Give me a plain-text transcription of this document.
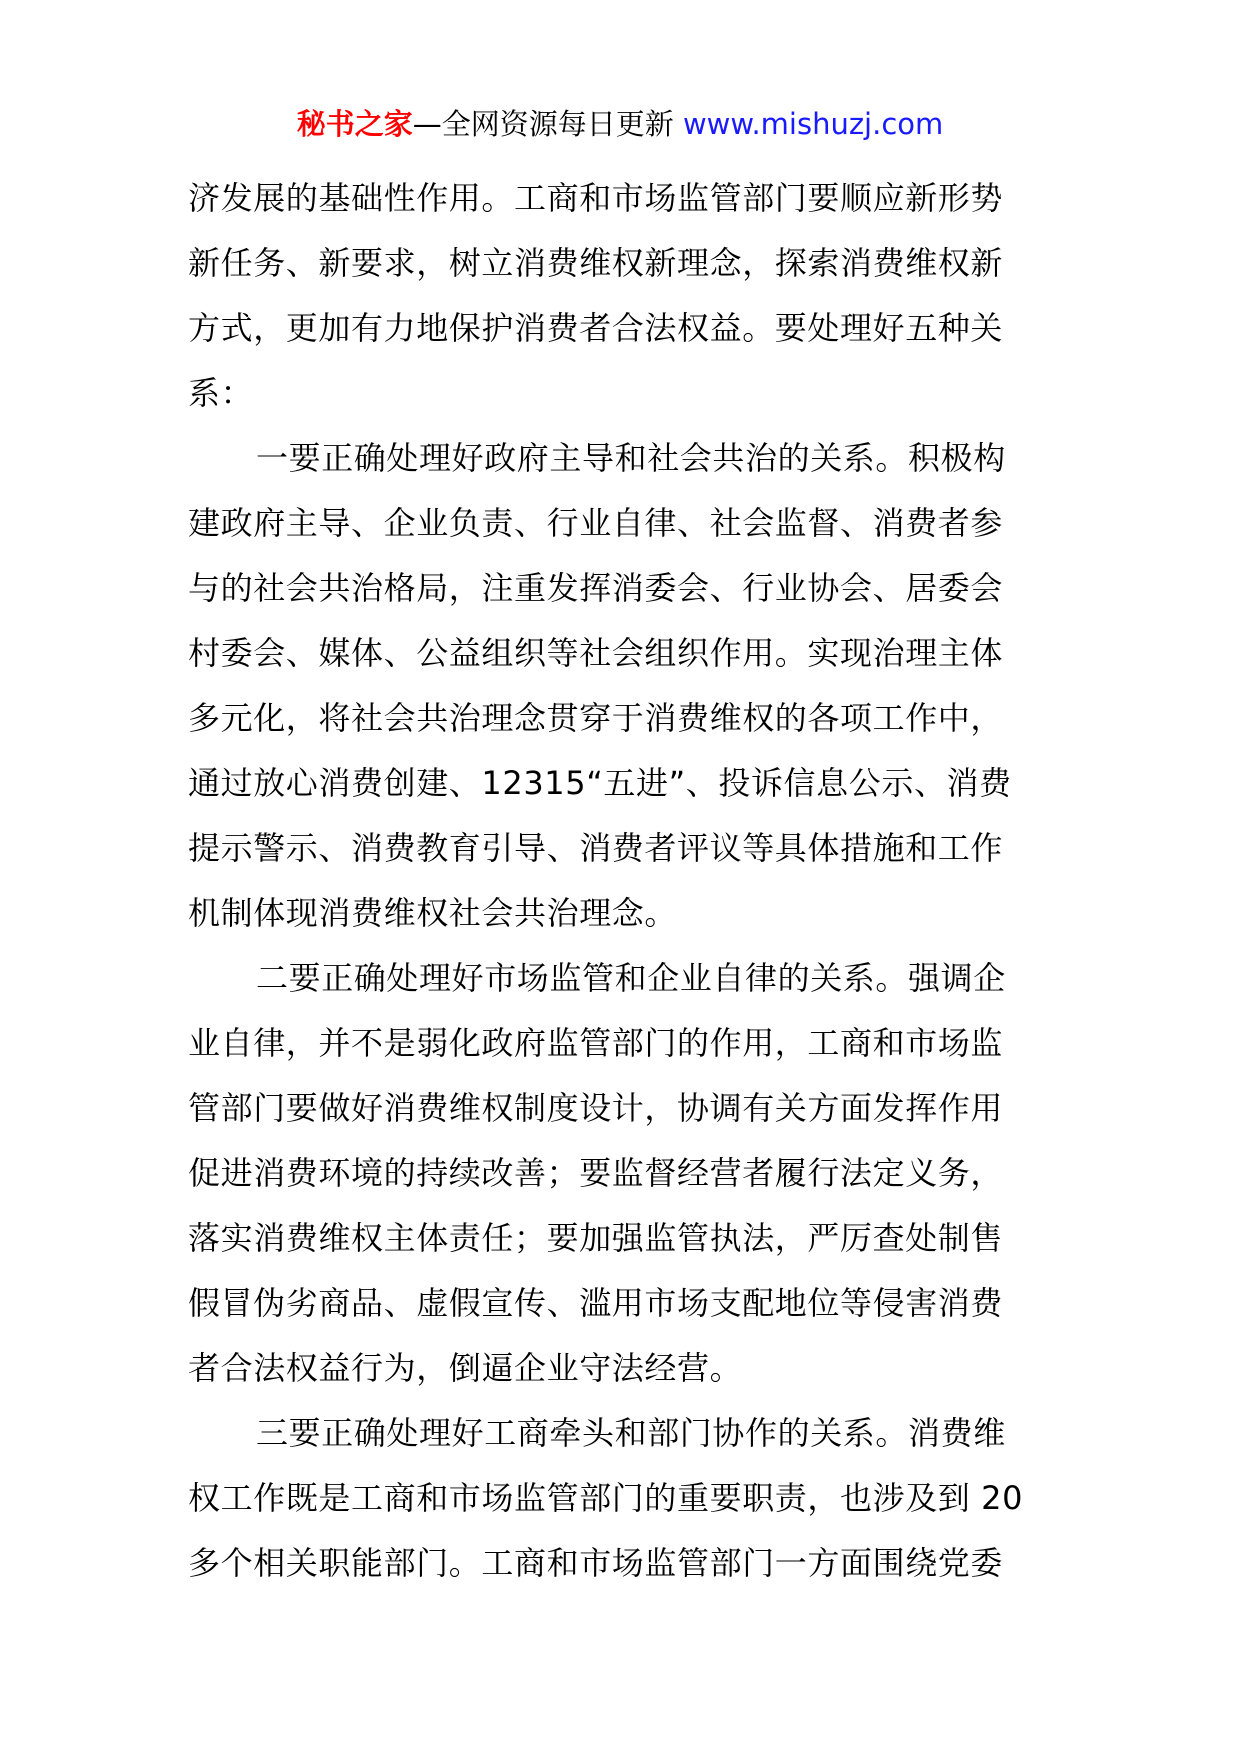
秘书之家—全网资源每日更新 www.mishuzj.com
济发展的基础性作用。工商和市场监管部门要顺应新形势
新任务、新要求，树立消费维权新理念，探索消费维权新
方式，更加有力地保护消费者合法权益。要处理好五种关
系：
一要正确处理好政府主导和社会共治的关系。积极构
建政府主导、企业负责、行业自律、社会监督、消费者参
与的社会共治格局，注重发挥消委会、行业协会、居委会
村委会、媒体、公益组织等社会组织作用。实现治理主体
多元化，将社会共治理念贯穿于消费维权的各项工作中，
通过放心消费创建、12315“五进”、投诉信息公示、消费
提示警示、消费教育引导、消费者评议等具体措施和工作
机制体现消费维权社会共治理念。
二要正确处理好市场监管和企业自律的关系。强调企
业自律，并不是弱化政府监管部门的作用，工商和市场监
管部门要做好消费维权制度设计，协调有关方面发挥作用
促进消费环境的持续改善；要监督经营者履行法定义务，
落实消费维权主体责任；要加强监管执法，严厉查处制售
假冒伪劣商品、虚假宣传、滥用市场支配地位等侵害消费
者合法权益行为，倒逼企业守法经营。
三要正确处理好工商牵头和部门协作的关系。消费维
权工作既是工商和市场监管部门的重要职责，也涉及到 20
多个相关职能部门。工商和市场监管部门一方面围绕党委
